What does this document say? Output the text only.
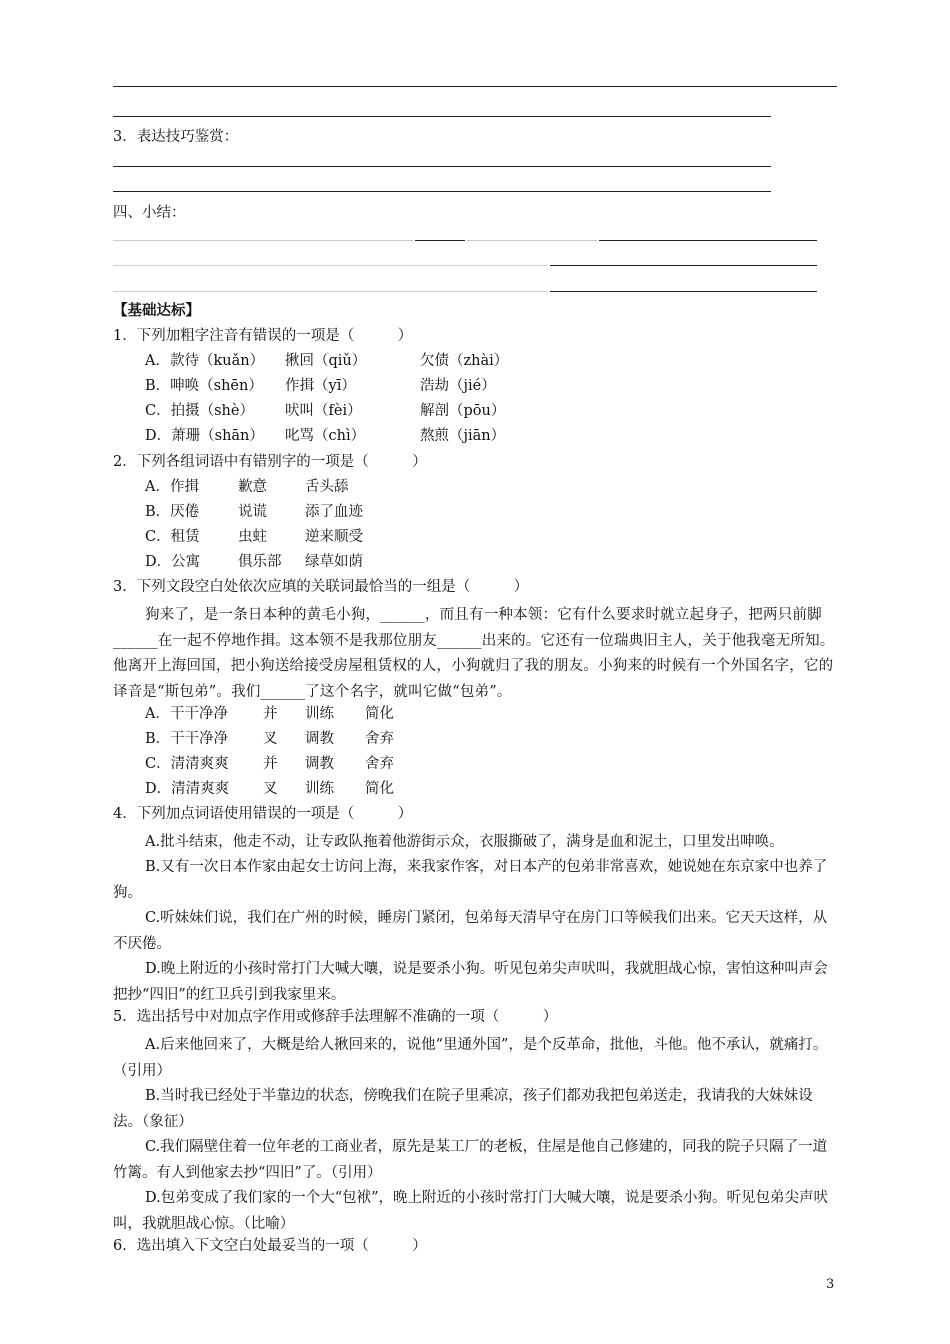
3．表达技巧鉴赏：
四、小结：
【基础达标】
1．下列加粗字注音有错误的一项是（　　　）
A．款待（kuǎn） 揪回（qiǔ）	欠债（zhài）
B．呻唤（shēn） 作揖（yī）	浩劫（jié）
C．拍摄（shè） 吠叫（fèi）	解剖（pōu）
D．萧珊（shān） 叱骂（chì）	熬煎（jiān）
2．下列各组词语中有错别字的一项是（　　　）
A．作揖	歉意	舌头舔
B．厌倦	说谎	添了血迹
C．租赁	虫蛀	逆来顺受
D．公寓	俱乐部 绿草如荫
3．下列文段空白处依次应填的关联词最恰当的一组是（　　　）
狗来了，是一条日本种的黄毛小狗，______，而且有一种本领：它有什么要求时就立起身子，把两只前脚______在一起不停地作揖。这本领不是我那位朋友______出来的。它还有一位瑞典旧主人，关于他我毫无所知。他离开上海回国，把小狗送给接受房屋租赁权的人，小狗就归了我的朋友。小狗来的时候有一个外国名字，它的译音是“斯包弟”。我们______了这个名字，就叫它做“包弟”。
A．干干净净 并 训练 简化
B．干干净净 叉 调教 舍弃
C．清清爽爽 并 调教 舍弃
D．清清爽爽 叉 训练 简化
4．下列加点词语使用错误的一项是（　　　）
A.批斗结束，他走不动，让专政队拖着他游街示众，衣服撕破了，满身是血和泥土，口里发出呻唤。
B.又有一次日本作家由起女士访问上海，来我家作客，对日本产的包弟非常喜欢，她说她在东京家中也养了狗。
C.听妹妹们说，我们在广州的时候，睡房门紧闭，包弟每天清早守在房门口等候我们出来。它天天这样，从不厌倦。
D.晚上附近的小孩时常打门大喊大嚷，说是要杀小狗。听见包弟尖声吠叫，我就胆战心惊，害怕这种叫声会把抄“四旧”的红卫兵引到我家里来。
5．选出括号中对加点字作用或修辞手法理解不准确的一项（　　　）
A.后来他回来了，大概是给人揪回来的，说他“里通外国”，是个反革命，批他，斗他。他不承认，就痛打。（引用）
B.当时我已经处于半靠边的状态，傍晚我们在院子里乘凉，孩子们都劝我把包弟送走，我请我的大妹妹设法。（象征）
C.我们隔壁住着一位年老的工商业者，原先是某工厂的老板，住屋是他自己修建的，同我的院子只隔了一道竹篱。有人到他家去抄“四旧”了。（引用）
D.包弟变成了我们家的一个大“包袱”，晚上附近的小孩时常打门大喊大嚷，说是要杀小狗。听见包弟尖声吠叫，我就胆战心惊。（比喻）
6．选出填入下文空白处最妥当的一项（　　　）
3
